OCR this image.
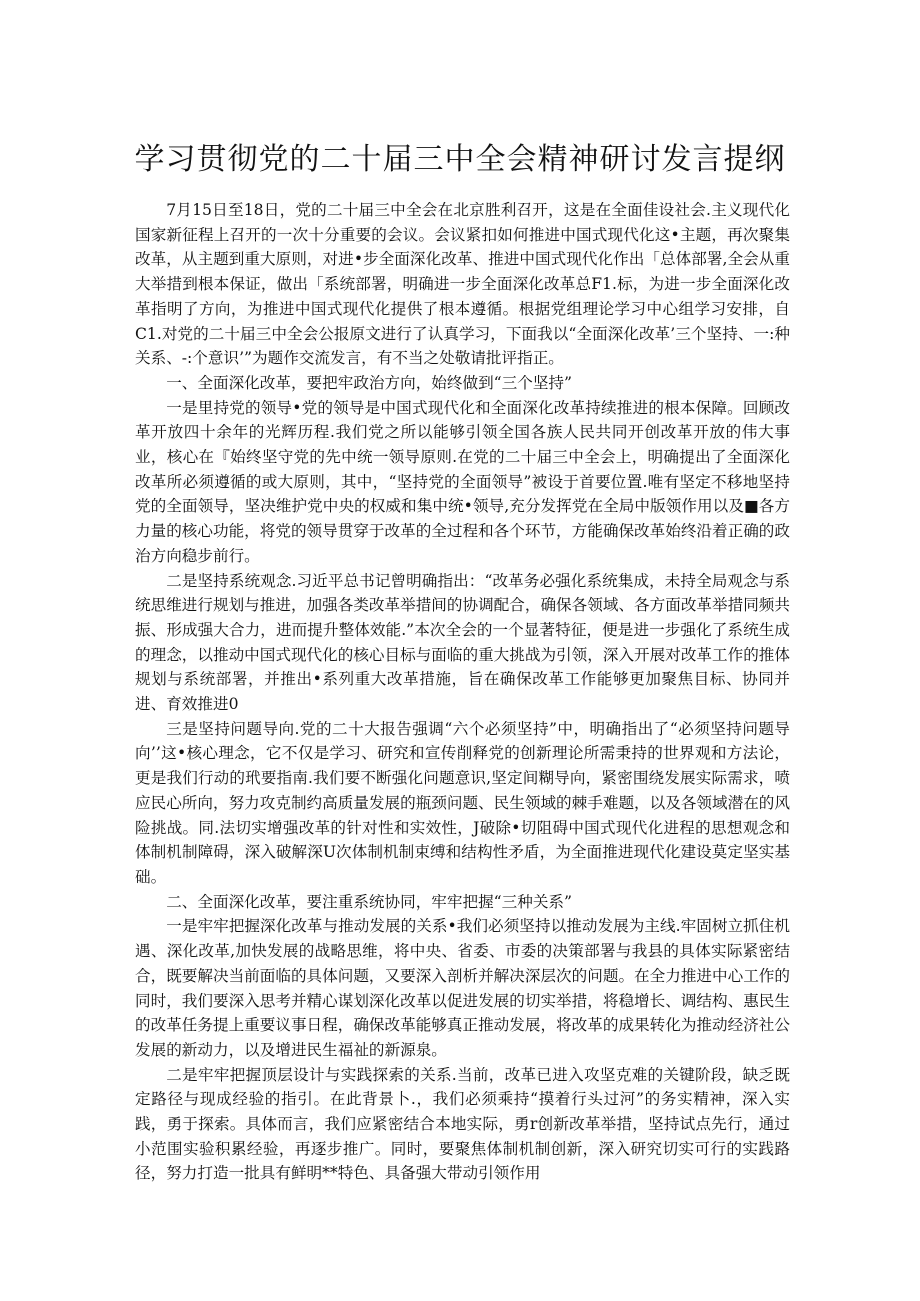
学习贯彻党的二十届三中全会精神研讨发言提纲

7月15日至18日，党的二十届三中全会在北京胜利召开，这是在全面佳设社会.主义现代化国家新征程上召开的一次十分重要的会议。会议紧扣如何推进中国式现代化这•主题，再次聚集改革，从主题到重大原则，对进•步全面深化改革、推进中国式现代化作出「总体部署,全会从重大举措到根本保证，做出「系统部署，明确进一步全面深化改革总F1.标，为进一步全面深化改革指明了方向，为推进中国式现代化提供了根本遵循。根据党组理论学习中心组学习安排，自C1.对党的二十届三中全会公报原文进行了认真学习，下面我以“全面深化改革’三个坚持、一:种关系、-:个意识’”为题作交流发言，有不当之处敬请批评指正。

一、全面深化改革，要把牢政治方向，始终做到“三个坚持”

一是里持党的领导•党的领导是中国式现代化和全面深化改革持续推进的根本保障。回顾改革开放四十余年的光辉历程.我们党之所以能够引领全国各族人民共同开创改革开放的伟大事业，核心在『始终坚守党的先中统一领导原则.在党的二十届三中全会上，明确提出了全面深化改革所必须遵循的或大原则，其中，“坚持党的全面领导”被设于首要位置.唯有坚定不移地坚持党的全面领导，坚决维护党中央的权威和集中统•领导,充分发挥党在全局中版领作用以及■各方力量的核心功能，将党的领导贯穿于改革的全过程和各个环节，方能确保改革始终沿着正确的政治方向稳步前行。

二是坚持系统观念.习近平总书记曾明确指出：“改革务必强化系统集成，未持全局观念与系统思维进行规划与推进，加强各类改革举措间的协调配合，确保各领域、各方面改革举措同频共振、形成强大合力，进而提升整体效能.”本次全会的一个显著特征，便是进一步强化了系统生成的理念，以推动中国式现代化的核心目标与面临的重大挑战为引领，深入开展对改革工作的推体规划与系统部署，并推出•系列重大改革措施，旨在确保改革工作能够更加聚焦目标、协同并进、育效推进0

三是坚持问题导向.党的二十大报告强调“六个必须坚持”中，明确指出了“必须坚持问题导向’’这•核心理念，它不仅是学习、研究和宣传削释党的创新理论所需秉持的世界观和方法论，更是我们行动的玳要指南.我们要不断强化问题意识,坚定间糊导向，紧密围绕发展实际需求，喷应民心所向，努力攻克制约高质量发展的瓶颈问题、民生领域的棘手难题，以及各领域潜在的风险挑战。同.法切实增强改革的针对性和实效性，J破除•切阻碍中国式现代化进程的思想观念和体制机制障碍，深入破解深U次体制机制束缚和结构性矛盾，为全面推进现代化建设莫定坚实基础。

二、全面深化改革，要注重系统协同，牢牢把握“三种关系”

一是牢牢把握深化改革与推动发展的关系•我们必须坚持以推动发展为主线.牢固树立抓住机遇、深化改革,加快发展的战略思维，将中央、省委、市委的决策部署与我县的具体实际紧密结合，既要解决当前面临的具体问题，又要深入剖析并解决深层次的问题。在全力推进中心工作的同时，我们要深入思考并精心谋划深化改革以促进发展的切实举措，将稳增长、调结构、惠民生的改革任务提上重要议事日程，确保改革能够真正推动发展，将改革的成果转化为推动经济社公发展的新动力，以及增进民生福祉的新源泉。

二是牢牢把握顶层设计与实践探索的关系.当前，改革已进入攻坚克难的关键阶段，缺乏既定路径与现成经验的指引。在此背景卜.，我们必须乘持“摸着行头过河”的务实精神，深入实践，勇于探索。具体而言，我们应紧密结合本地实际，勇r创新改革举措，坚持试点先行，通过小范围实验积累经验，再逐步推广。同时，要聚焦体制机制创新，深入研究切实可行的实践路径，努力打造一批具有鲜明**特色、具备强大带动引领作用
